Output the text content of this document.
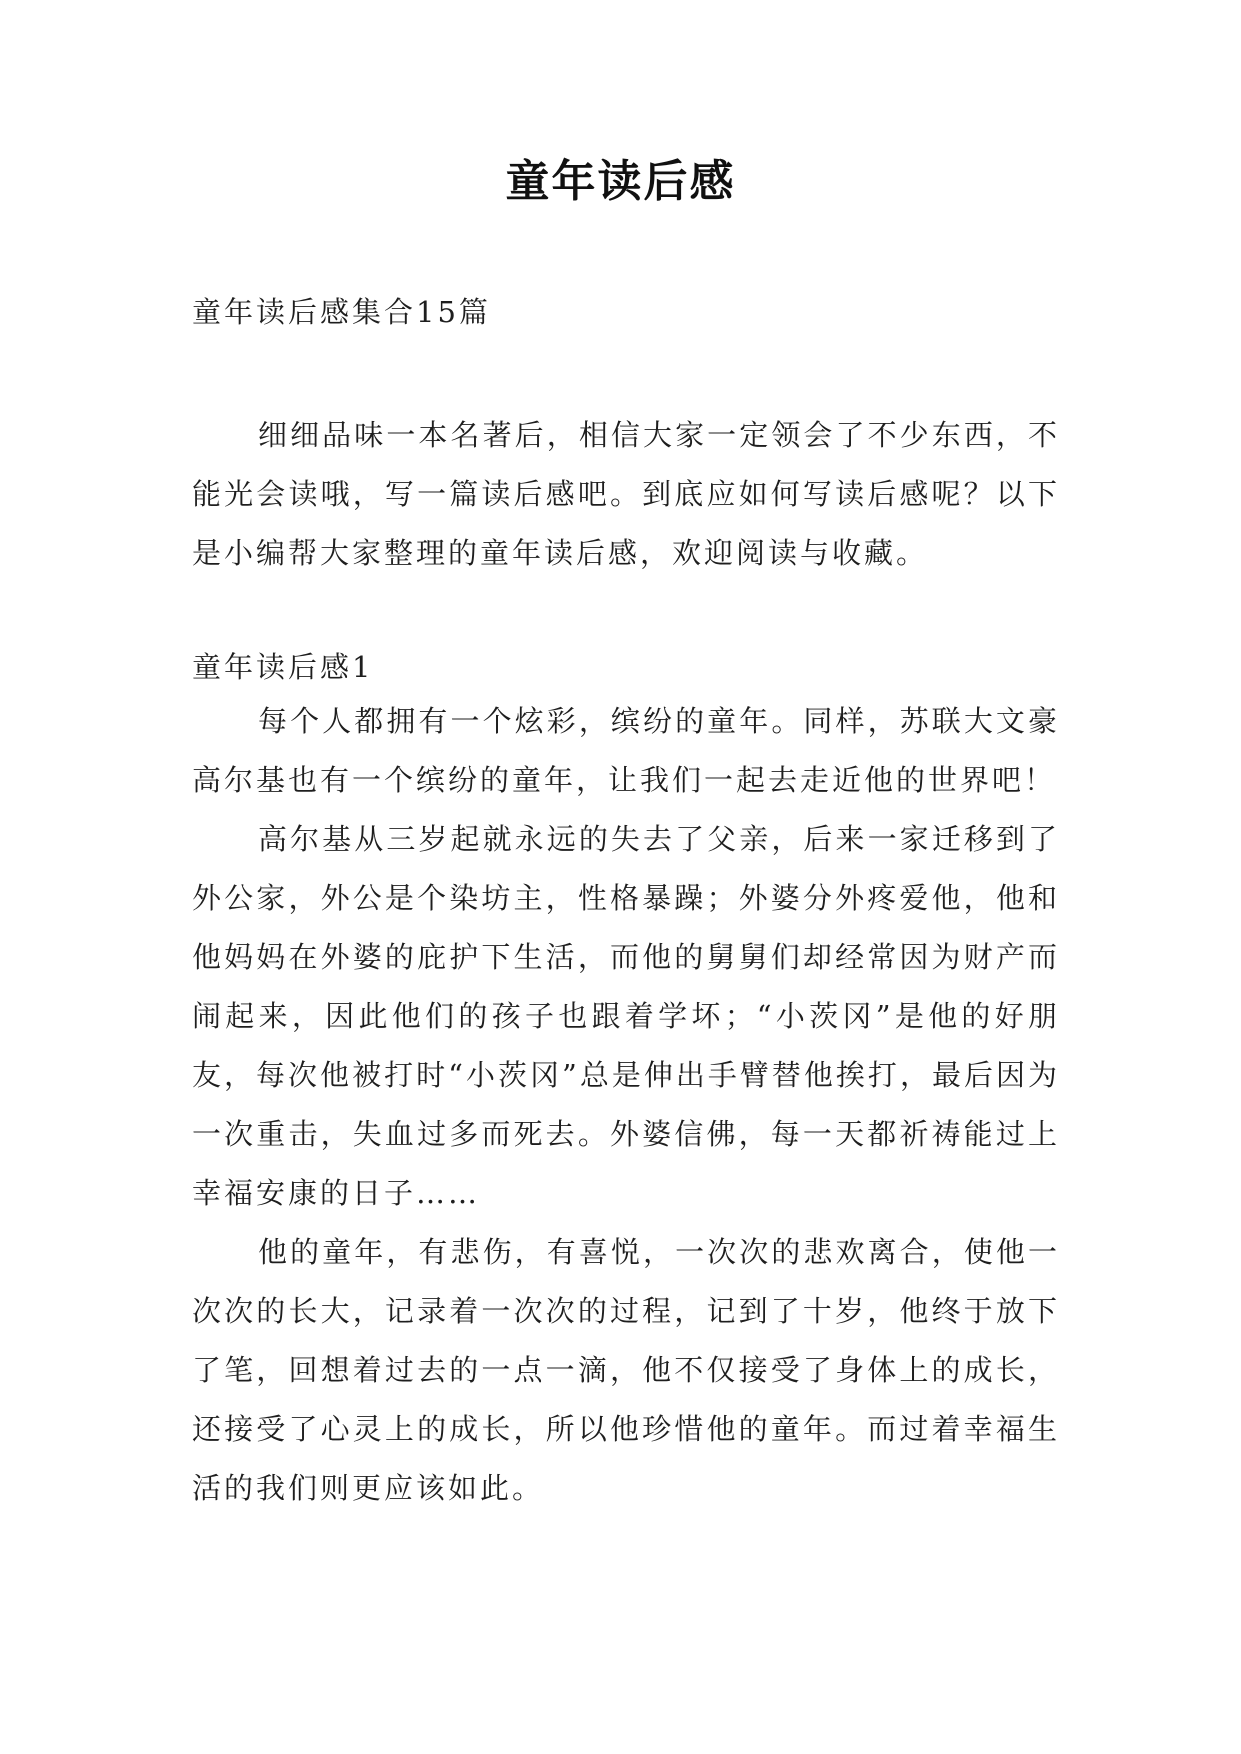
童年读后感
童年读后感集合15篇
细细品味一本名著后，相信大家一定领会了不少东西，不能光会读哦，写一篇读后感吧。到底应如何写读后感呢？以下是小编帮大家整理的童年读后感，欢迎阅读与收藏。

童年读后感1

每个人都拥有一个炫彩，缤纷的童年。同样，苏联大文豪高尔基也有一个缤纷的童年，让我们一起去走近他的世界吧！

高尔基从三岁起就永远的失去了父亲，后来一家迁移到了外公家，外公是个染坊主，性格暴躁；外婆分外疼爱他，他和他妈妈在外婆的庇护下生活，而他的舅舅们却经常因为财产而闹起来，因此他们的孩子也跟着学坏；“小茨冈”是他的好朋友，每次他被打时“小茨冈”总是伸出手臂替他挨打，最后因为一次重击，失血过多而死去。外婆信佛，每一天都祈祷能过上幸福安康的日子……

他的童年，有悲伤，有喜悦，一次次的悲欢离合，使他一次次的长大，记录着一次次的过程，记到了十岁，他终于放下了笔，回想着过去的一点一滴，他不仅接受了身体上的成长，还接受了心灵上的成长，所以他珍惜他的童年。而过着幸福生活的我们则更应该如此。
